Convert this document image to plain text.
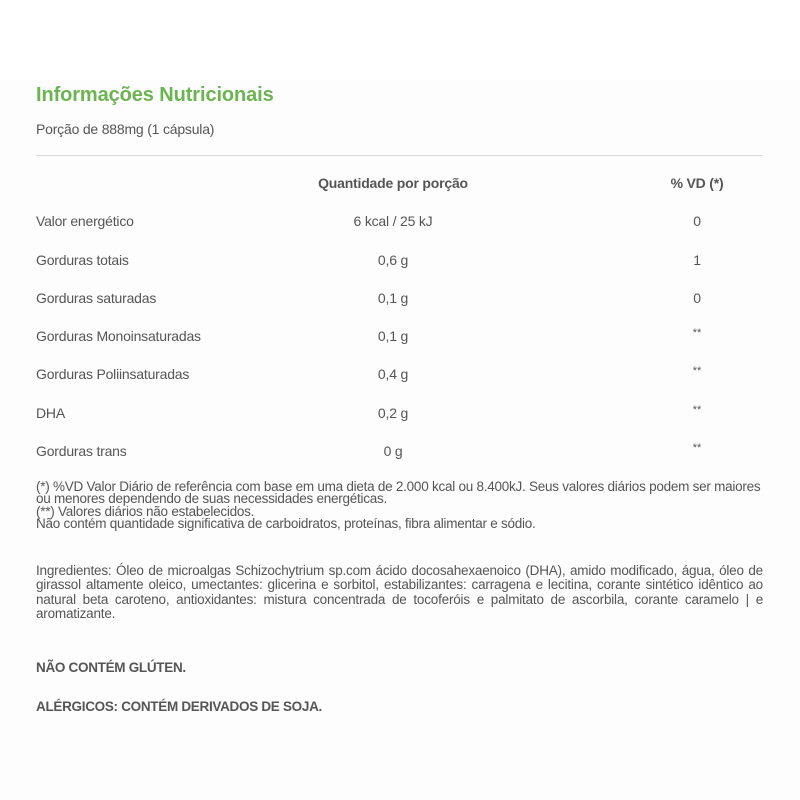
Informações Nutricionais
Porção de 888mg (1 cápsula)
Quantidade por porção	% VD (*)
Valor energético	6 kcal / 25 kJ	0
Gorduras totais	0,6 g	1
Gorduras saturadas	0,1 g	0
Gorduras Monoinsaturadas	0,1 g	**
Gorduras Poliinsaturadas	0,4 g	**
DHA	0,2 g	**
Gorduras trans	0 g	**

(*) %VD Valor Diário de referência com base em uma dieta de 2.000 kcal ou 8.400kJ. Seus valores diários podem ser maiores ou menores dependendo de suas necessidades energéticas.

(**) Valores diários não estabelecidos.

Não contém quantidade significativa de carboidratos, proteínas, fibra alimentar e sódio.

Ingredientes: Óleo de microalgas Schizochytrium sp.com ácido docosahexaenoico (DHA), amido modificado, água, óleo de girassol altamente oleico, umectantes: glicerina e sorbitol, estabilizantes: carragena e lecitina, corante sintético idêntico ao natural beta caroteno, antioxidantes: mistura concentrada de tocoferóis e palmitato de ascorbila, corante caramelo | e aromatizante.

NÃO CONTÉM GLÚTEN.

ALÉRGICOS: CONTÉM DERIVADOS DE SOJA.
